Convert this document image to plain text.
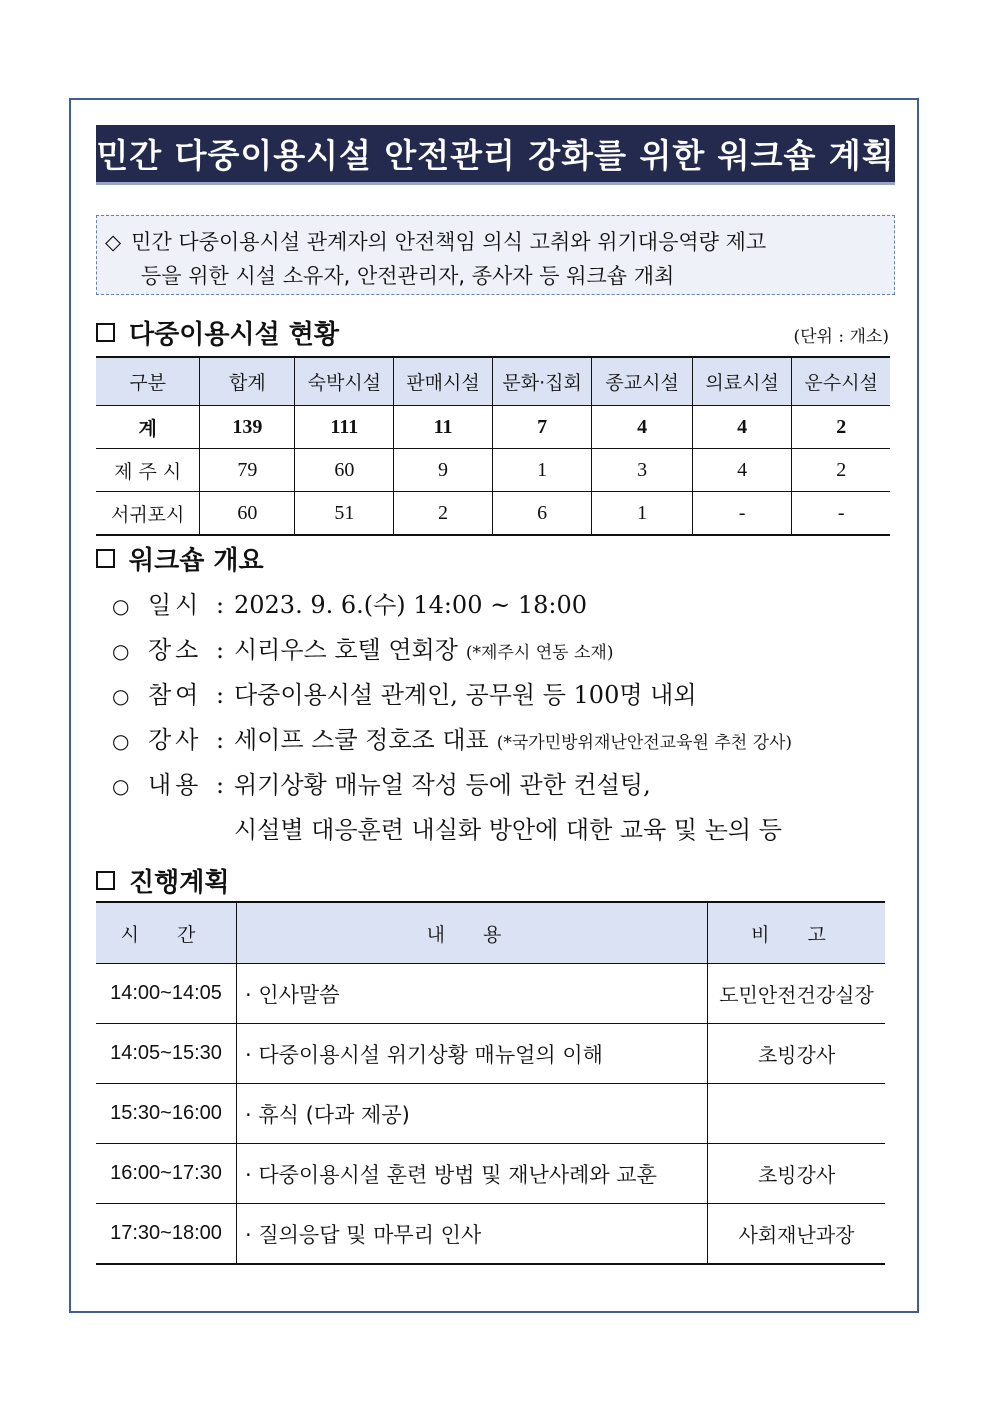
민간 다중이용시설 안전관리 강화를 위한 워크숍 계획
◇ 민간 다중이용시설 관계자의 안전책임 의식 고취와 위기대응역량 제고
등을 위한 시설 소유자, 안전관리자, 종사자 등 워크숍 개최
다중이용시설 현황	(단위 : 개소)
구분	합계	숙박시설	판매시설	문화·집회	종교시설	의료시설	운수시설
계	139	111	11	7	4	4	2
제 주 시	79	60	9	1	3	4	2
서귀포시	60	51	2	6	1	-	-
워크숍 개요
○ 일시 : 2023. 9. 6.(수) 14:00 ~ 18:00
○ 장소 : 시리우스 호텔 연회장 (*제주시 연동 소재)
○ 참여 : 다중이용시설 관계인, 공무원 등 100명 내외
○ 강사 : 세이프 스쿨 정호조 대표 (*국가민방위재난안전교육원 추천 강사)
○ 내용 : 위기상황 매뉴얼 작성 등에 관한 컨설팅,
시설별 대응훈련 내실화 방안에 대한 교육 및 논의 등
진행계획
시 간	내 용	비 고
14:00~14:05	· 인사말씀	도민안전건강실장
14:05~15:30	· 다중이용시설 위기상황 매뉴얼의 이해	초빙강사
15:30~16:00	· 휴식 (다과 제공)	
16:00~17:30	· 다중이용시설 훈련 방법 및 재난사례와 교훈	초빙강사
17:30~18:00	· 질의응답 및 마무리 인사	사회재난과장
